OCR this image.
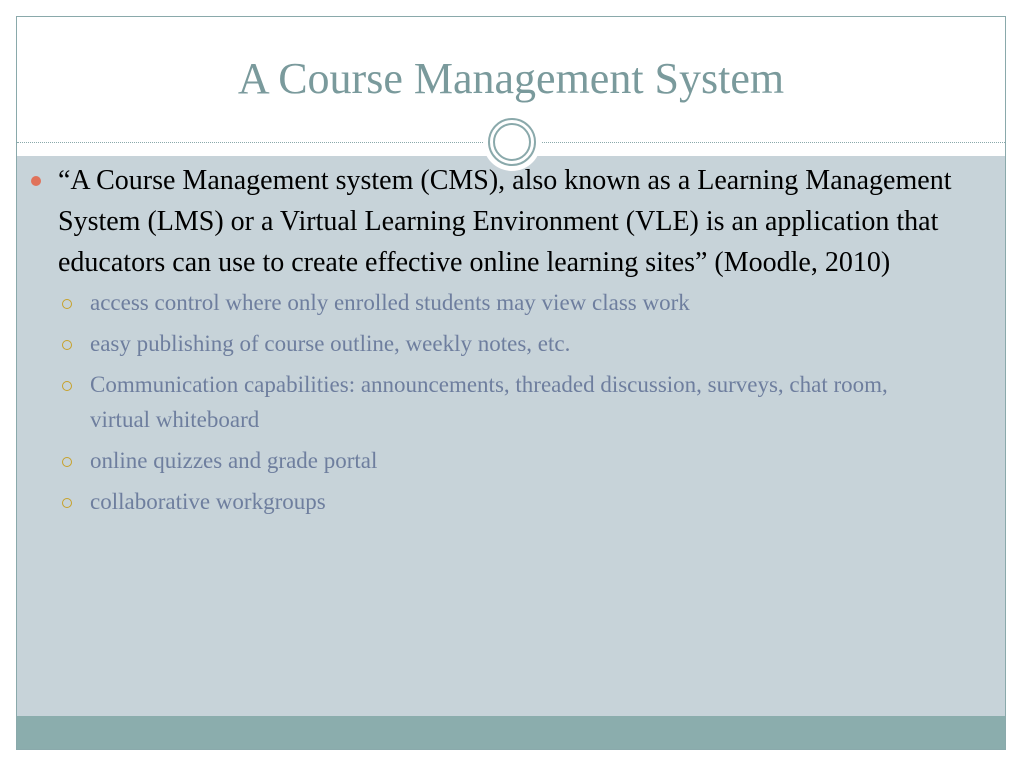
A Course Management System
“A Course Management system (CMS), also known as a Learning Management System (LMS) or a Virtual Learning Environment (VLE) is an application that educators can use to create effective online learning sites” (Moodle, 2010)
access control where only enrolled students may view class work
easy publishing of course outline, weekly notes, etc.
Communication capabilities: announcements, threaded discussion, surveys, chat room, virtual whiteboard
online quizzes and grade portal
collaborative workgroups
